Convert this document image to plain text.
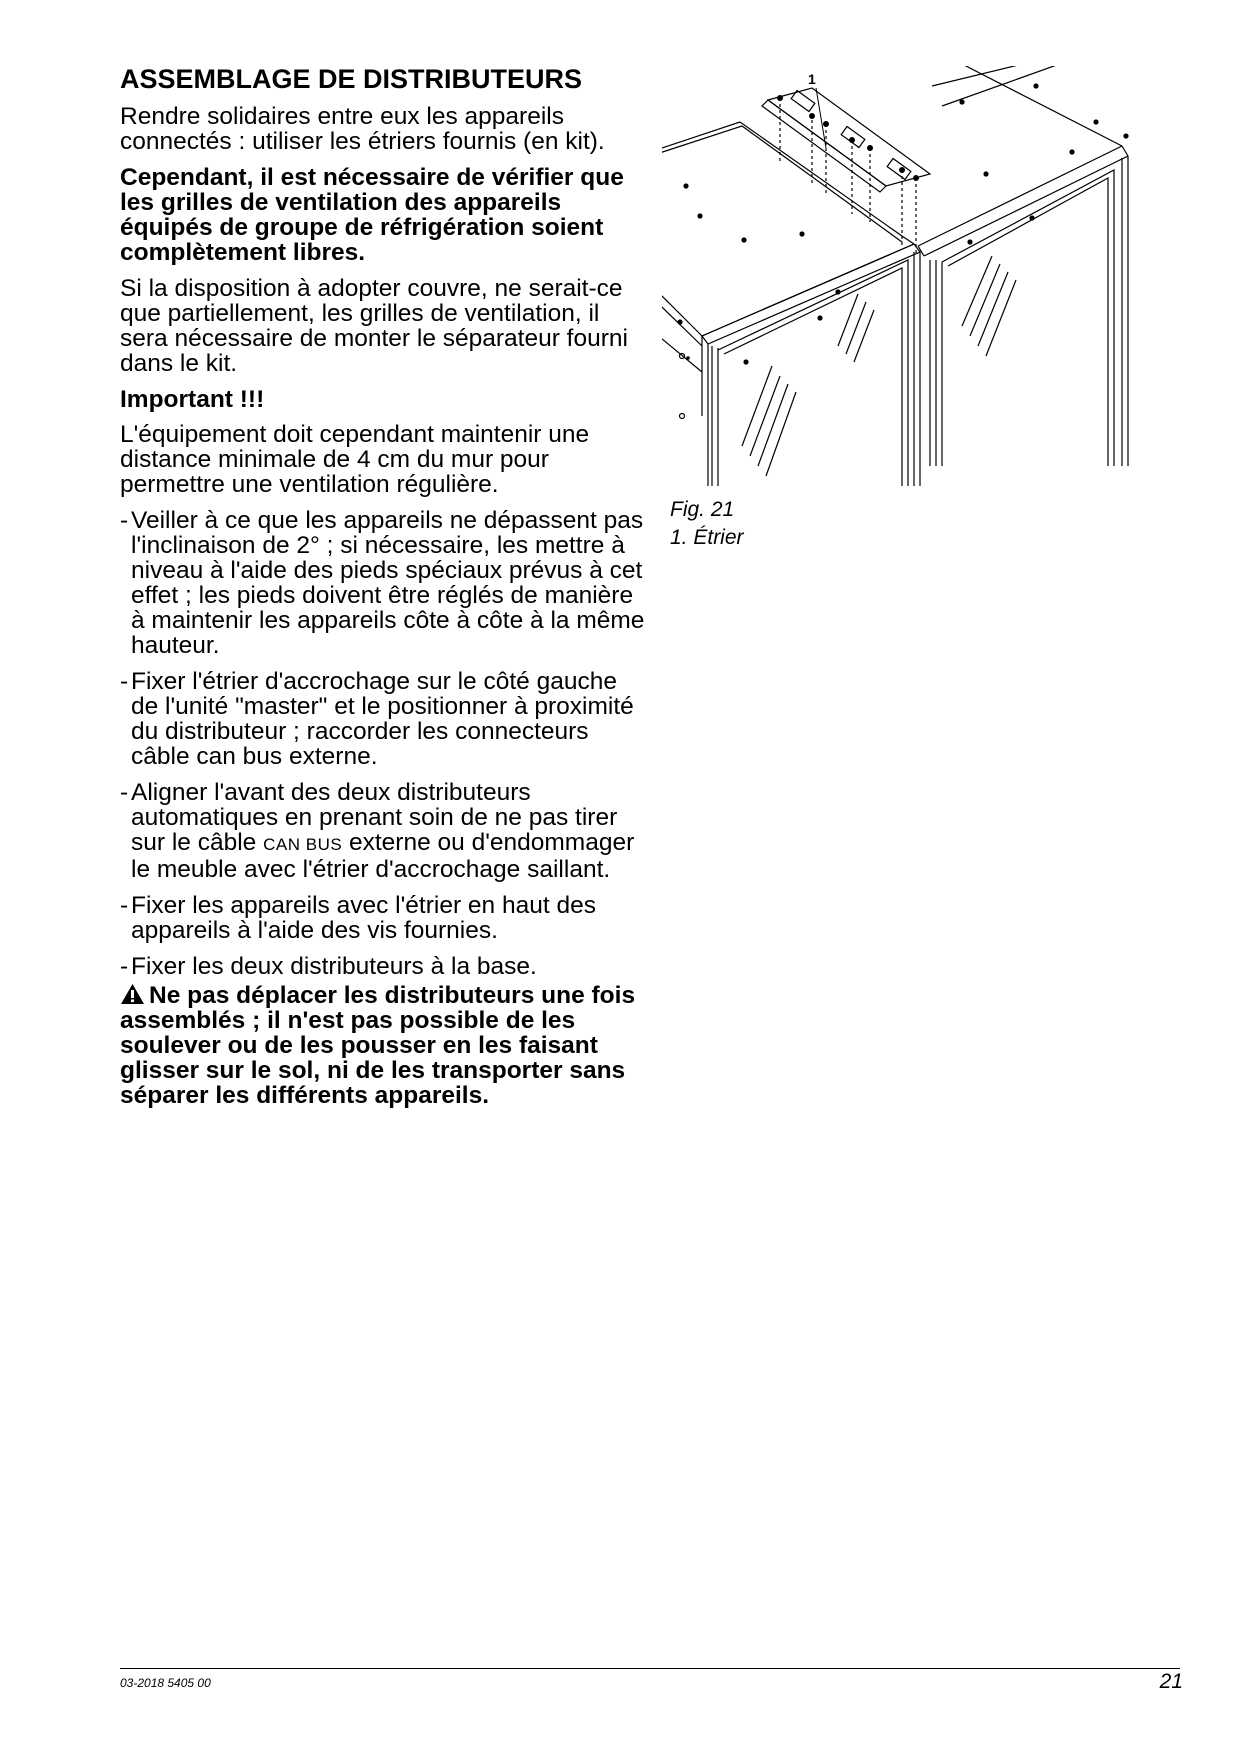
ASSEMBLAGE DE DISTRIBUTEURS

Rendre solidaires entre eux les appareils connectés : utiliser les étriers fournis (en kit).

Cependant, il est nécessaire de vérifier que les grilles de ventilation des appareils équipés de groupe de réfrigération soient complètement libres.

Si la disposition à adopter couvre, ne serait-ce que partiellement, les grilles de ventilation, il sera nécessaire de monter le séparateur fourni dans le kit.

Important !!!

L'équipement doit cependant maintenir une distance minimale de 4 cm du mur pour permettre une ventilation régulière.

- Veiller à ce que les appareils ne dépassent pas l'inclinaison de 2° ; si nécessaire, les mettre à niveau à l'aide des pieds spéciaux prévus à cet effet ; les pieds doivent être réglés de manière à maintenir les appareils côte à côte à la même hauteur.
- Fixer l'étrier d'accrochage sur le côté gauche de l'unité "master" et le positionner à proximité du distributeur ; raccorder les connecteurs câble can bus externe.
- Aligner l'avant des deux distributeurs automatiques en prenant soin de ne pas tirer sur le câble CAN BUS externe ou d'endommager le meuble avec l'étrier d'accrochage saillant.
- Fixer les appareils avec l'étrier en haut des appareils à l'aide des vis fournies.
- Fixer les deux distributeurs à la base.

Ne pas déplacer les distributeurs une fois assemblés ; il n'est pas possible de les soulever ou de les pousser en les faisant glisser sur le sol, ni de les transporter sans séparer les différents appareils.

1
Fig. 21
1. Étrier
03-2018 5405 00	21
